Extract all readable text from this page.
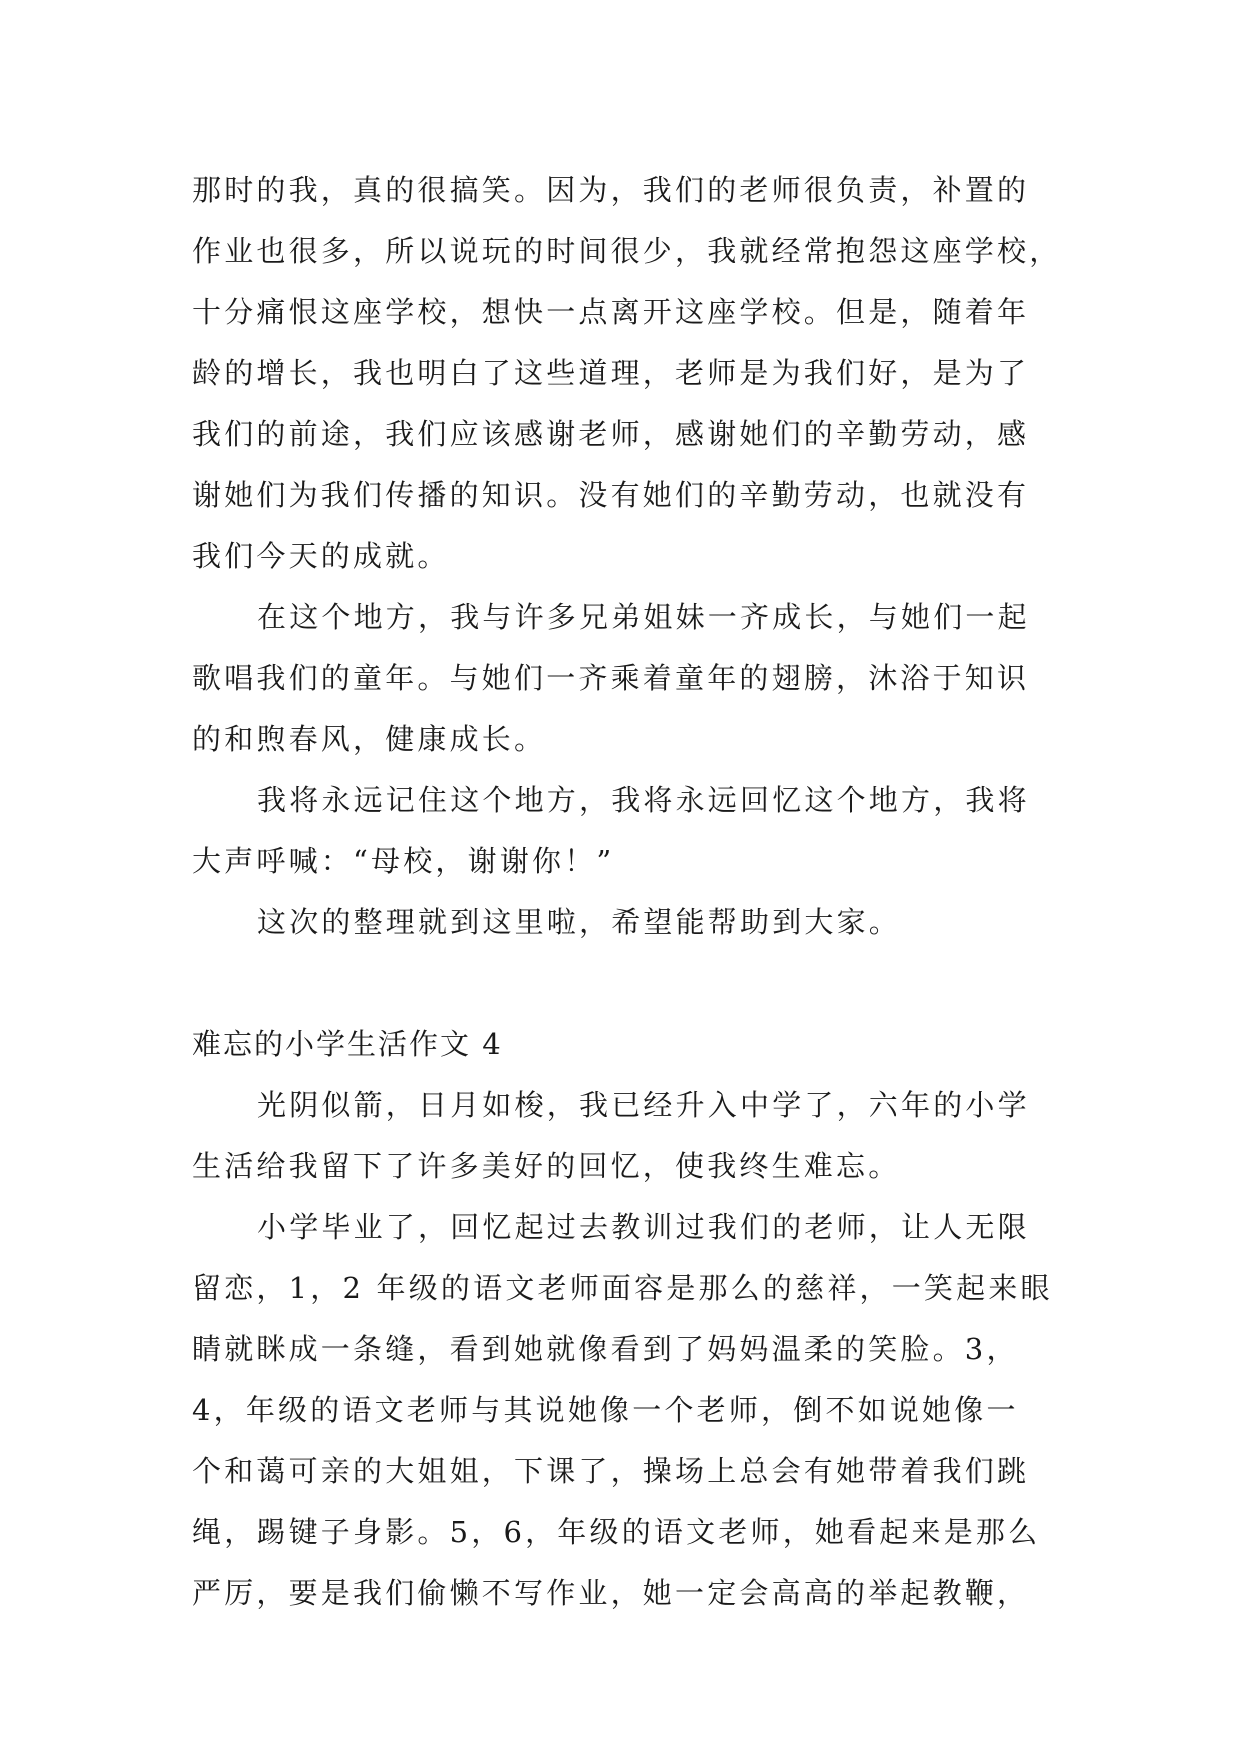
那时的我，真的很搞笑。因为，我们的老师很负责，补置的
作业也很多，所以说玩的时间很少，我就经常抱怨这座学校，
十分痛恨这座学校，想快一点离开这座学校。但是，随着年
龄的增长，我也明白了这些道理，老师是为我们好，是为了
我们的前途，我们应该感谢老师，感谢她们的辛勤劳动，感
谢她们为我们传播的知识。没有她们的辛勤劳动，也就没有
我们今天的成就。
在这个地方，我与许多兄弟姐妹一齐成长，与她们一起
歌唱我们的童年。与她们一齐乘着童年的翅膀，沐浴于知识
的和煦春风，健康成长。
我将永远记住这个地方，我将永远回忆这个地方，我将
大声呼喊：“母校，谢谢你！”
这次的整理就到这里啦，希望能帮助到大家。
难忘的小学生活作文 4
光阴似箭，日月如梭，我已经升入中学了，六年的小学
生活给我留下了许多美好的回忆，使我终生难忘。
小学毕业了，回忆起过去教训过我们的老师，让人无限
留恋，1，2 年级的语文老师面容是那么的慈祥，一笑起来眼
睛就眯成一条缝，看到她就像看到了妈妈温柔的笑脸。3，
4，年级的语文老师与其说她像一个老师，倒不如说她像一
个和蔼可亲的大姐姐，下课了，操场上总会有她带着我们跳
绳，踢键子身影。5，6，年级的语文老师，她看起来是那么
严厉，要是我们偷懒不写作业，她一定会高高的举起教鞭，
